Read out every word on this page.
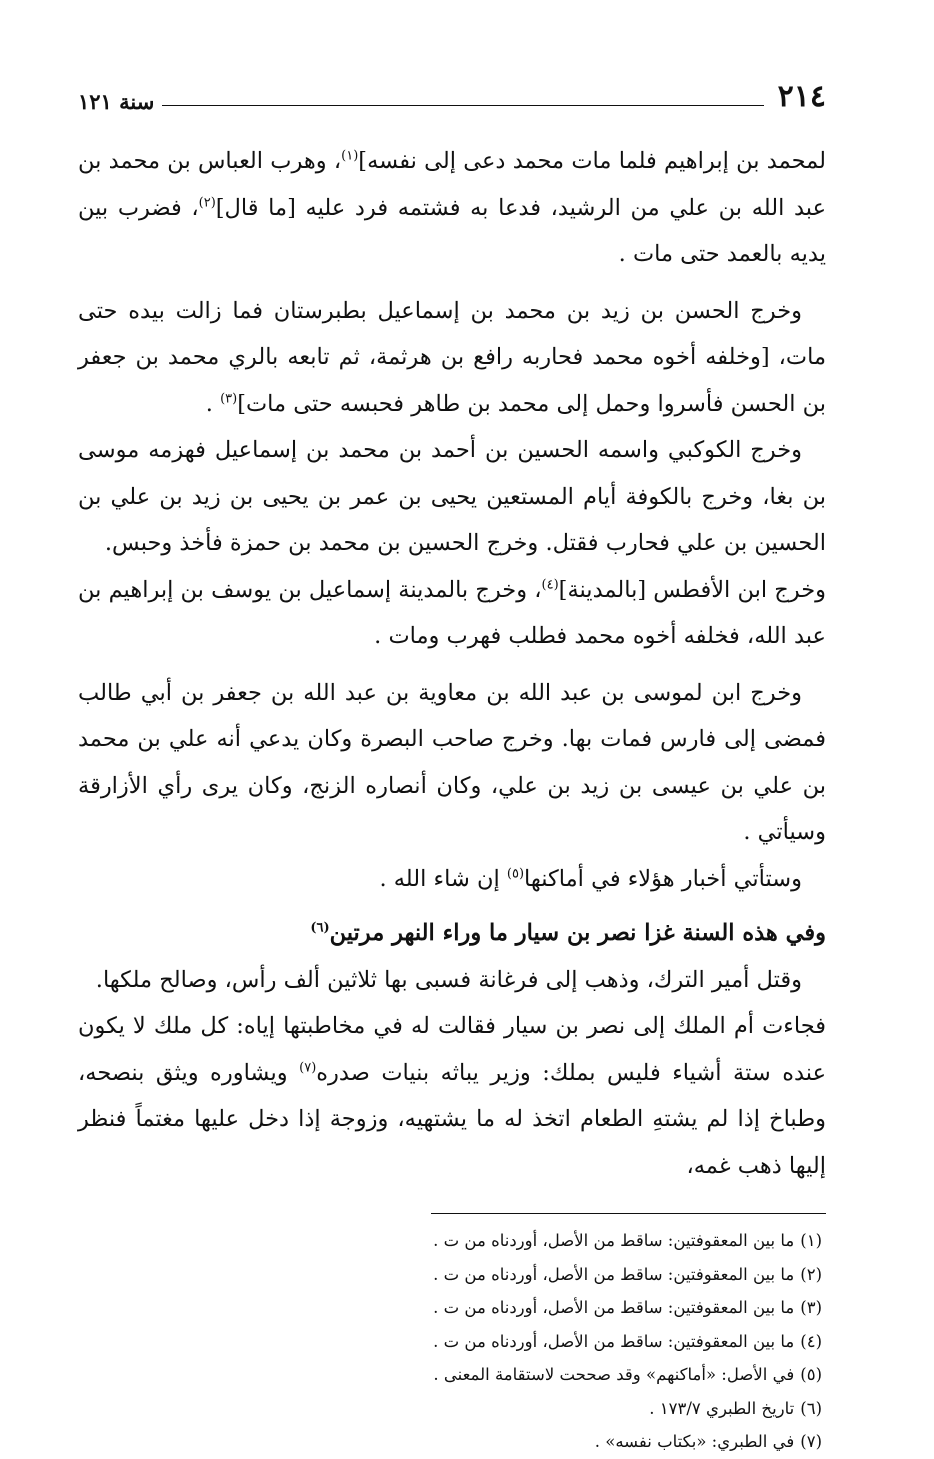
٢١٤
سنة ١٢١

لمحمد بن إبراهيم فلما مات محمد دعى إلى نفسه]$^{(١)}$، وهرب العباس بن محمد بن عبد الله بن علي من الرشيد، فدعا به فشتمه فرد عليه [ما قال]$^{(٢)}$، فضرب بين يديه بالعمد حتى مات .

وخرج الحسن بن زيد بن محمد بن إسماعيل بطبرستان فما زالت بيده حتى مات، [وخلفه أخوه محمد فحاربه رافع بن هرثمة، ثم تابعه بالري محمد بن جعفر بن الحسن فأسروا وحمل إلى محمد بن طاهر فحبسه حتى مات]$^{(٣)}$ .

وخرج الكوكبي واسمه الحسين بن أحمد بن محمد بن إسماعيل فهزمه موسى بن بغا، وخرج بالكوفة أيام المستعين يحيى بن عمر بن يحيى بن زيد بن علي بن الحسين بن علي فحارب فقتل. وخرج الحسين بن محمد بن حمزة فأخذ وحبس.

وخرج ابن الأفطس [بالمدينة]$^{(٤)}$، وخرج بالمدينة إسماعيل بن يوسف بن إبراهيم بن عبد الله، فخلفه أخوه محمد فطلب فهرب ومات .

وخرج ابن لموسى بن عبد الله بن معاوية بن عبد الله بن جعفر بن أبي طالب فمضى إلى فارس فمات بها. وخرج صاحب البصرة وكان يدعي أنه علي بن محمد بن علي بن عيسى بن زيد بن علي، وكان أنصاره الزنج، وكان يرى رأي الأزارقة وسيأتي .

وستأتي أخبار هؤلاء في أماكنها$^{(٥)}$ إن شاء الله .

وفي هذه السنة غزا نصر بن سيار ما وراء النهر مرتين$^{(٦)}$

وقتل أمير الترك، وذهب إلى فرغانة فسبى بها ثلاثين ألف رأس، وصالح ملكها.

فجاءت أم الملك إلى نصر بن سيار فقالت له في مخاطبتها إياه: كل ملك لا يكون عنده ستة أشياء فليس بملك: وزير يباثه بنيات صدره$^{(٧)}$ ويشاوره ويثق بنصحه، وطباخ إذا لم يشتهِ الطعام اتخذ له ما يشتهيه، وزوجة إذا دخل عليها مغتماً فنظر إليها ذهب غمه،

(١)ما بين المعقوفتين: ساقط من الأصل، أوردناه من ت .
(٢)ما بين المعقوفتين: ساقط من الأصل، أوردناه من ت .
(٣)ما بين المعقوفتين: ساقط من الأصل، أوردناه من ت .
(٤)ما بين المعقوفتين: ساقط من الأصل، أوردناه من ت .
(٥)في الأصل: «أماكنهم» وقد صححت لاستقامة المعنى .
(٦)تاريخ الطبري ١٧٣/٧ .
(٧)في الطبري: «بكتاب نفسه» .
